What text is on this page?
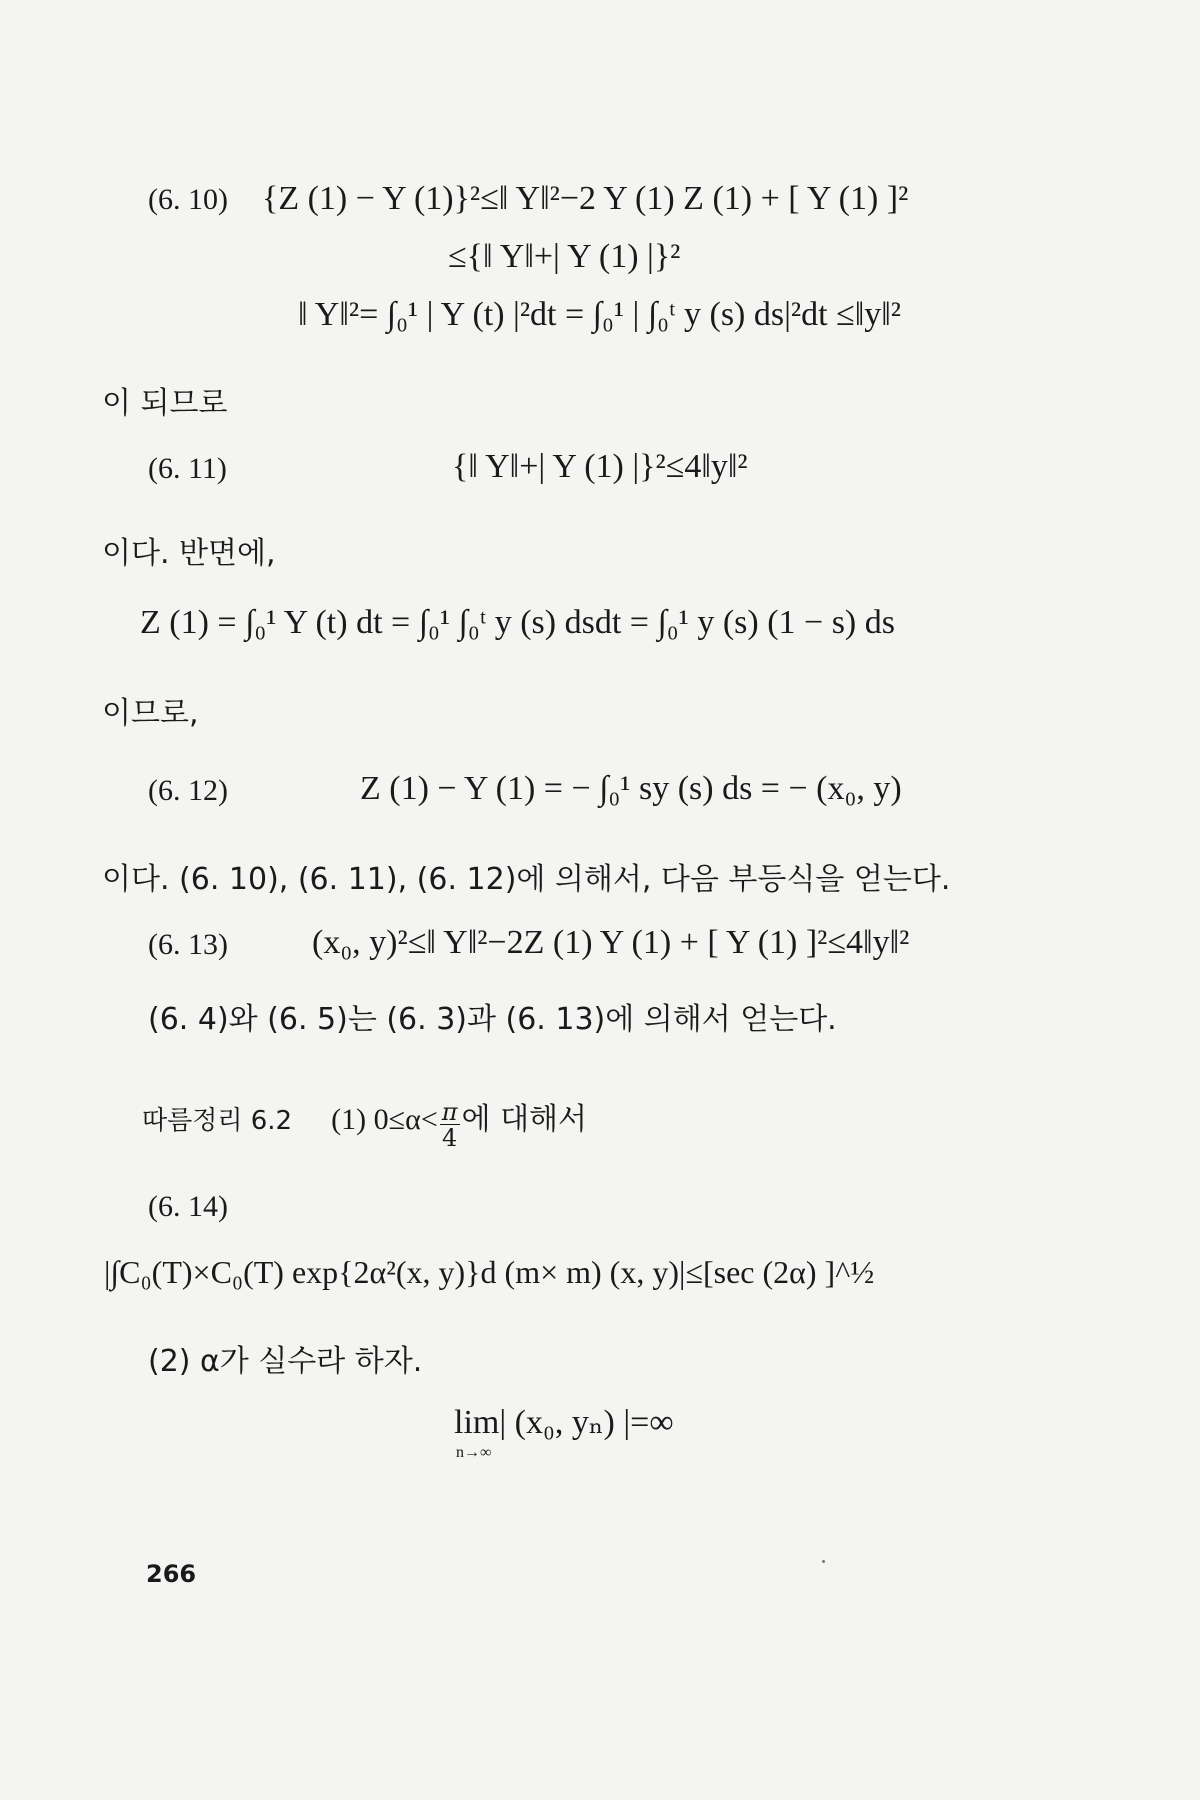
(6. 10) {Z (1) − Y (1)}²≤‖ Y‖²−2 Y (1) Z (1) + [ Y (1) ]²
≤{‖ Y‖+| Y (1) |}²
‖ Y‖²= ∫₀¹ | Y (t) |²dt = ∫₀¹ | ∫₀ᵗ y (s) ds|²dt ≤‖y‖²
이 되므로
(6. 11)	{‖ Y‖+| Y (1) |}²≤4‖y‖²
이다. 반면에,
Z (1) = ∫₀¹ Y (t) dt = ∫₀¹ ∫₀ᵗ y (s) dsdt = ∫₀¹ y (s) (1 − s) ds
이므로,
(6. 12)	Z (1) − Y (1) = − ∫₀¹ sy (s) ds = − (x₀, y)
이다. (6. 10), (6. 11), (6. 12)에 의해서, 다음 부등식을 얻는다.
(6. 13) (x₀, y)²≤‖ Y‖²−2Z (1) Y (1) + [ Y (1) ]²≤4‖y‖²
(6. 4)와 (6. 5)는 (6. 3)과 (6. 13)에 의해서 얻는다.
따름정리 6.2 (1) $0\le\alpha< \frac{\pi}{4}$ 에 대해서
(6. 14)
|∫C₀(T)×C₀(T) exp{2α²(x, y)}d (m× m) (x, y)|≤[sec (2α) ]^½
(2) α가 실수라 하자.
lim| (x₀, yₙ) |=∞
n→∞
266
